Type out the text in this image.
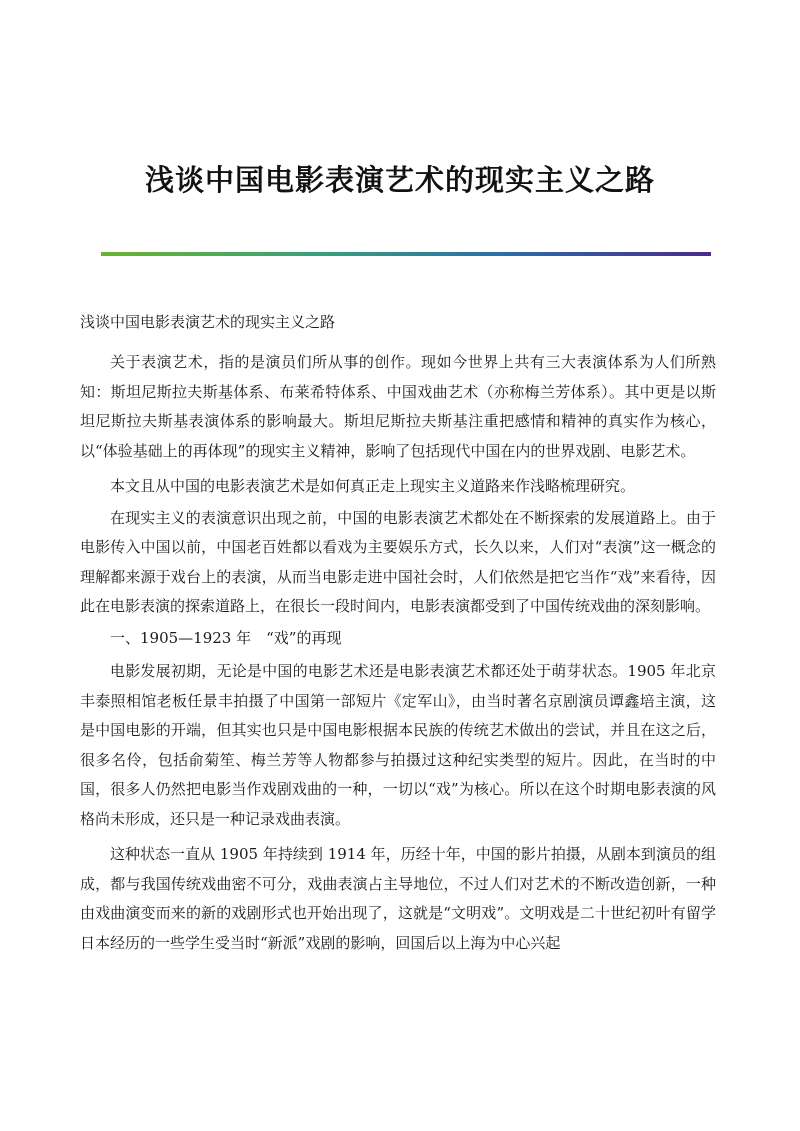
浅谈中国电影表演艺术的现实主义之路

浅谈中国电影表演艺术的现实主义之路

关于表演艺术，指的是演员们所从事的创作。现如今世界上共有三大表演体系为人们所熟知：斯坦尼斯拉夫斯基体系、布莱希特体系、中国戏曲艺术（亦称梅兰芳体系）。其中更是以斯坦尼斯拉夫斯基表演体系的影响最大。斯坦尼斯拉夫斯基注重把感情和精神的真实作为核心，以“体验基础上的再体现”的现实主义精神，影响了包括现代中国在内的世界戏剧、电影艺术。

本文且从中国的电影表演艺术是如何真正走上现实主义道路来作浅略梳理研究。

在现实主义的表演意识出现之前，中国的电影表演艺术都处在不断探索的发展道路上。由于电影传入中国以前，中国老百姓都以看戏为主要娱乐方式，长久以来，人们对“表演”这一概念的理解都来源于戏台上的表演，从而当电影走进中国社会时，人们依然是把它当作“戏”来看待，因此在电影表演的探索道路上，在很长一段时间内，电影表演都受到了中国传统戏曲的深刻影响。

一、1905—1923 年　“戏”的再现

电影发展初期，无论是中国的电影艺术还是电影表演艺术都还处于萌芽状态。1905 年北京丰泰照相馆老板任景丰拍摄了中国第一部短片《定军山》，由当时著名京剧演员谭鑫培主演，这是中国电影的开端，但其实也只是中国电影根据本民族的传统艺术做出的尝试，并且在这之后，很多名伶，包括俞菊笙、梅兰芳等人物都参与拍摄过这种纪实类型的短片。因此，在当时的中国，很多人仍然把电影当作戏剧戏曲的一种，一切以“戏”为核心。所以在这个时期电影表演的风格尚未形成，还只是一种记录戏曲表演。

这种状态一直从 1905 年持续到 1914 年，历经十年，中国的影片拍摄，从剧本到演员的组成，都与我国传统戏曲密不可分，戏曲表演占主导地位，不过人们对艺术的不断改造创新，一种由戏曲演变而来的新的戏剧形式也开始出现了，这就是“文明戏”。文明戏是二十世纪初叶有留学日本经历的一些学生受当时“新派”戏剧的影响，回国后以上海为中心兴起
